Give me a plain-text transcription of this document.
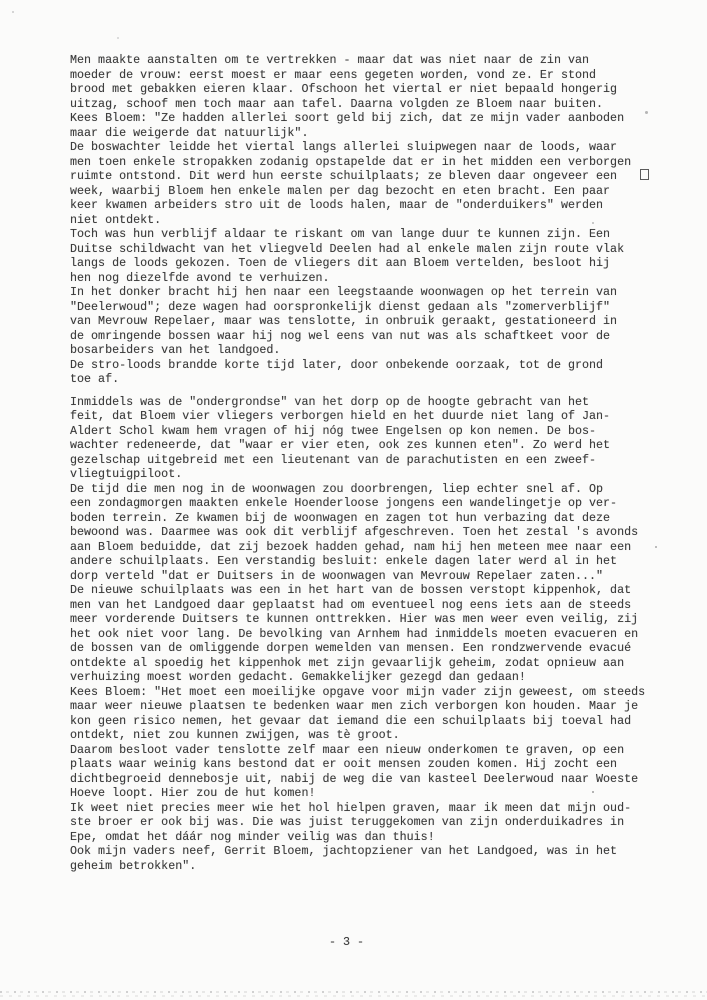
Men maakte aanstalten om te vertrekken - maar dat was niet naar de zin van
moeder de vrouw: eerst moest er maar eens gegeten worden, vond ze. Er stond
brood met gebakken eieren klaar. Ofschoon het viertal er niet bepaald hongerig
uitzag, schoof men toch maar aan tafel. Daarna volgden ze Bloem naar buiten.
Kees Bloem: "Ze hadden allerlei soort geld bij zich, dat ze mijn vader aanboden
maar die weigerde dat natuurlijk".

De boswachter leidde het viertal langs allerlei sluipwegen naar de loods, waar
men toen enkele stropakken zodanig opstapelde dat er in het midden een verborgen
ruimte ontstond. Dit werd hun eerste schuilplaats; ze bleven daar ongeveer een
week, waarbij Bloem hen enkele malen per dag bezocht en eten bracht. Een paar
keer kwamen arbeiders stro uit de loods halen, maar de "onderduikers" werden
niet ontdekt.

Toch was hun verblijf aldaar te riskant om van lange duur te kunnen zijn. Een
Duitse schildwacht van het vliegveld Deelen had al enkele malen zijn route vlak
langs de loods gekozen. Toen de vliegers dit aan Bloem vertelden, besloot hij
hen nog diezelfde avond te verhuizen.

In het donker bracht hij hen naar een leegstaande woonwagen op het terrein van
"Deelerwoud"; deze wagen had oorspronkelijk dienst gedaan als "zomerverblijf"
van Mevrouw Repelaer, maar was tenslotte, in onbruik geraakt, gestationeerd in
de omringende bossen waar hij nog wel eens van nut was als schaftkeet voor de
bosarbeiders van het landgoed.

De stro-loods brandde korte tijd later, door onbekende oorzaak, tot de grond
toe af.

Inmiddels was de "ondergrondse" van het dorp op de hoogte gebracht van het
feit, dat Bloem vier vliegers verborgen hield en het duurde niet lang of Jan-
Aldert Schol kwam hem vragen of hij nóg twee Engelsen op kon nemen. De bos-
wachter redeneerde, dat "waar er vier eten, ook zes kunnen eten". Zo werd het
gezelschap uitgebreid met een lieutenant van de parachutisten en een zweef-
vliegtuigpiloot.

De tijd die men nog in de woonwagen zou doorbrengen, liep echter snel af. Op
een zondagmorgen maakten enkele Hoenderloose jongens een wandelingetje op ver-
boden terrein. Ze kwamen bij de woonwagen en zagen tot hun verbazing dat deze
bewoond was. Daarmee was ook dit verblijf afgeschreven. Toen het zestal 's avonds
aan Bloem beduidde, dat zij bezoek hadden gehad, nam hij hen meteen mee naar een
andere schuilplaats. Een verstandig besluit: enkele dagen later werd al in het
dorp verteld "dat er Duitsers in de woonwagen van Mevrouw Repelaer zaten..."

De nieuwe schuilplaats was een in het hart van de bossen verstopt kippenhok, dat
men van het Landgoed daar geplaatst had om eventueel nog eens iets aan de steeds
meer vorderende Duitsers te kunnen onttrekken. Hier was men weer even veilig, zij
het ook niet voor lang. De bevolking van Arnhem had inmiddels moeten evacueren en
de bossen van de omliggende dorpen wemelden van mensen. Een rondzwervende evacué
ontdekte al spoedig het kippenhok met zijn gevaarlijk geheim, zodat opnieuw aan
verhuizing moest worden gedacht. Gemakkelijker gezegd dan gedaan!

Kees Bloem: "Het moet een moeilijke opgave voor mijn vader zijn geweest, om steeds
maar weer nieuwe plaatsen te bedenken waar men zich verborgen kon houden. Maar je
kon geen risico nemen, het gevaar dat iemand die een schuilplaats bij toeval had
ontdekt, niet zou kunnen zwijgen, was tè groot.

Daarom besloot vader tenslotte zelf maar een nieuw onderkomen te graven, op een
plaats waar weinig kans bestond dat er ooit mensen zouden komen. Hij zocht een
dichtbegroeid dennebosje uit, nabij de weg die van kasteel Deelerwoud naar Woeste
Hoeve loopt. Hier zou de hut komen!

Ik weet niet precies meer wie het hol hielpen graven, maar ik meen dat mijn oud-
ste broer er ook bij was. Die was juist teruggekomen van zijn onderduikadres in
Epe, omdat het dáár nog minder veilig was dan thuis!

Ook mijn vaders neef, Gerrit Bloem, jachtopziener van het Landgoed, was in het
geheim betrokken".

- 3 -
